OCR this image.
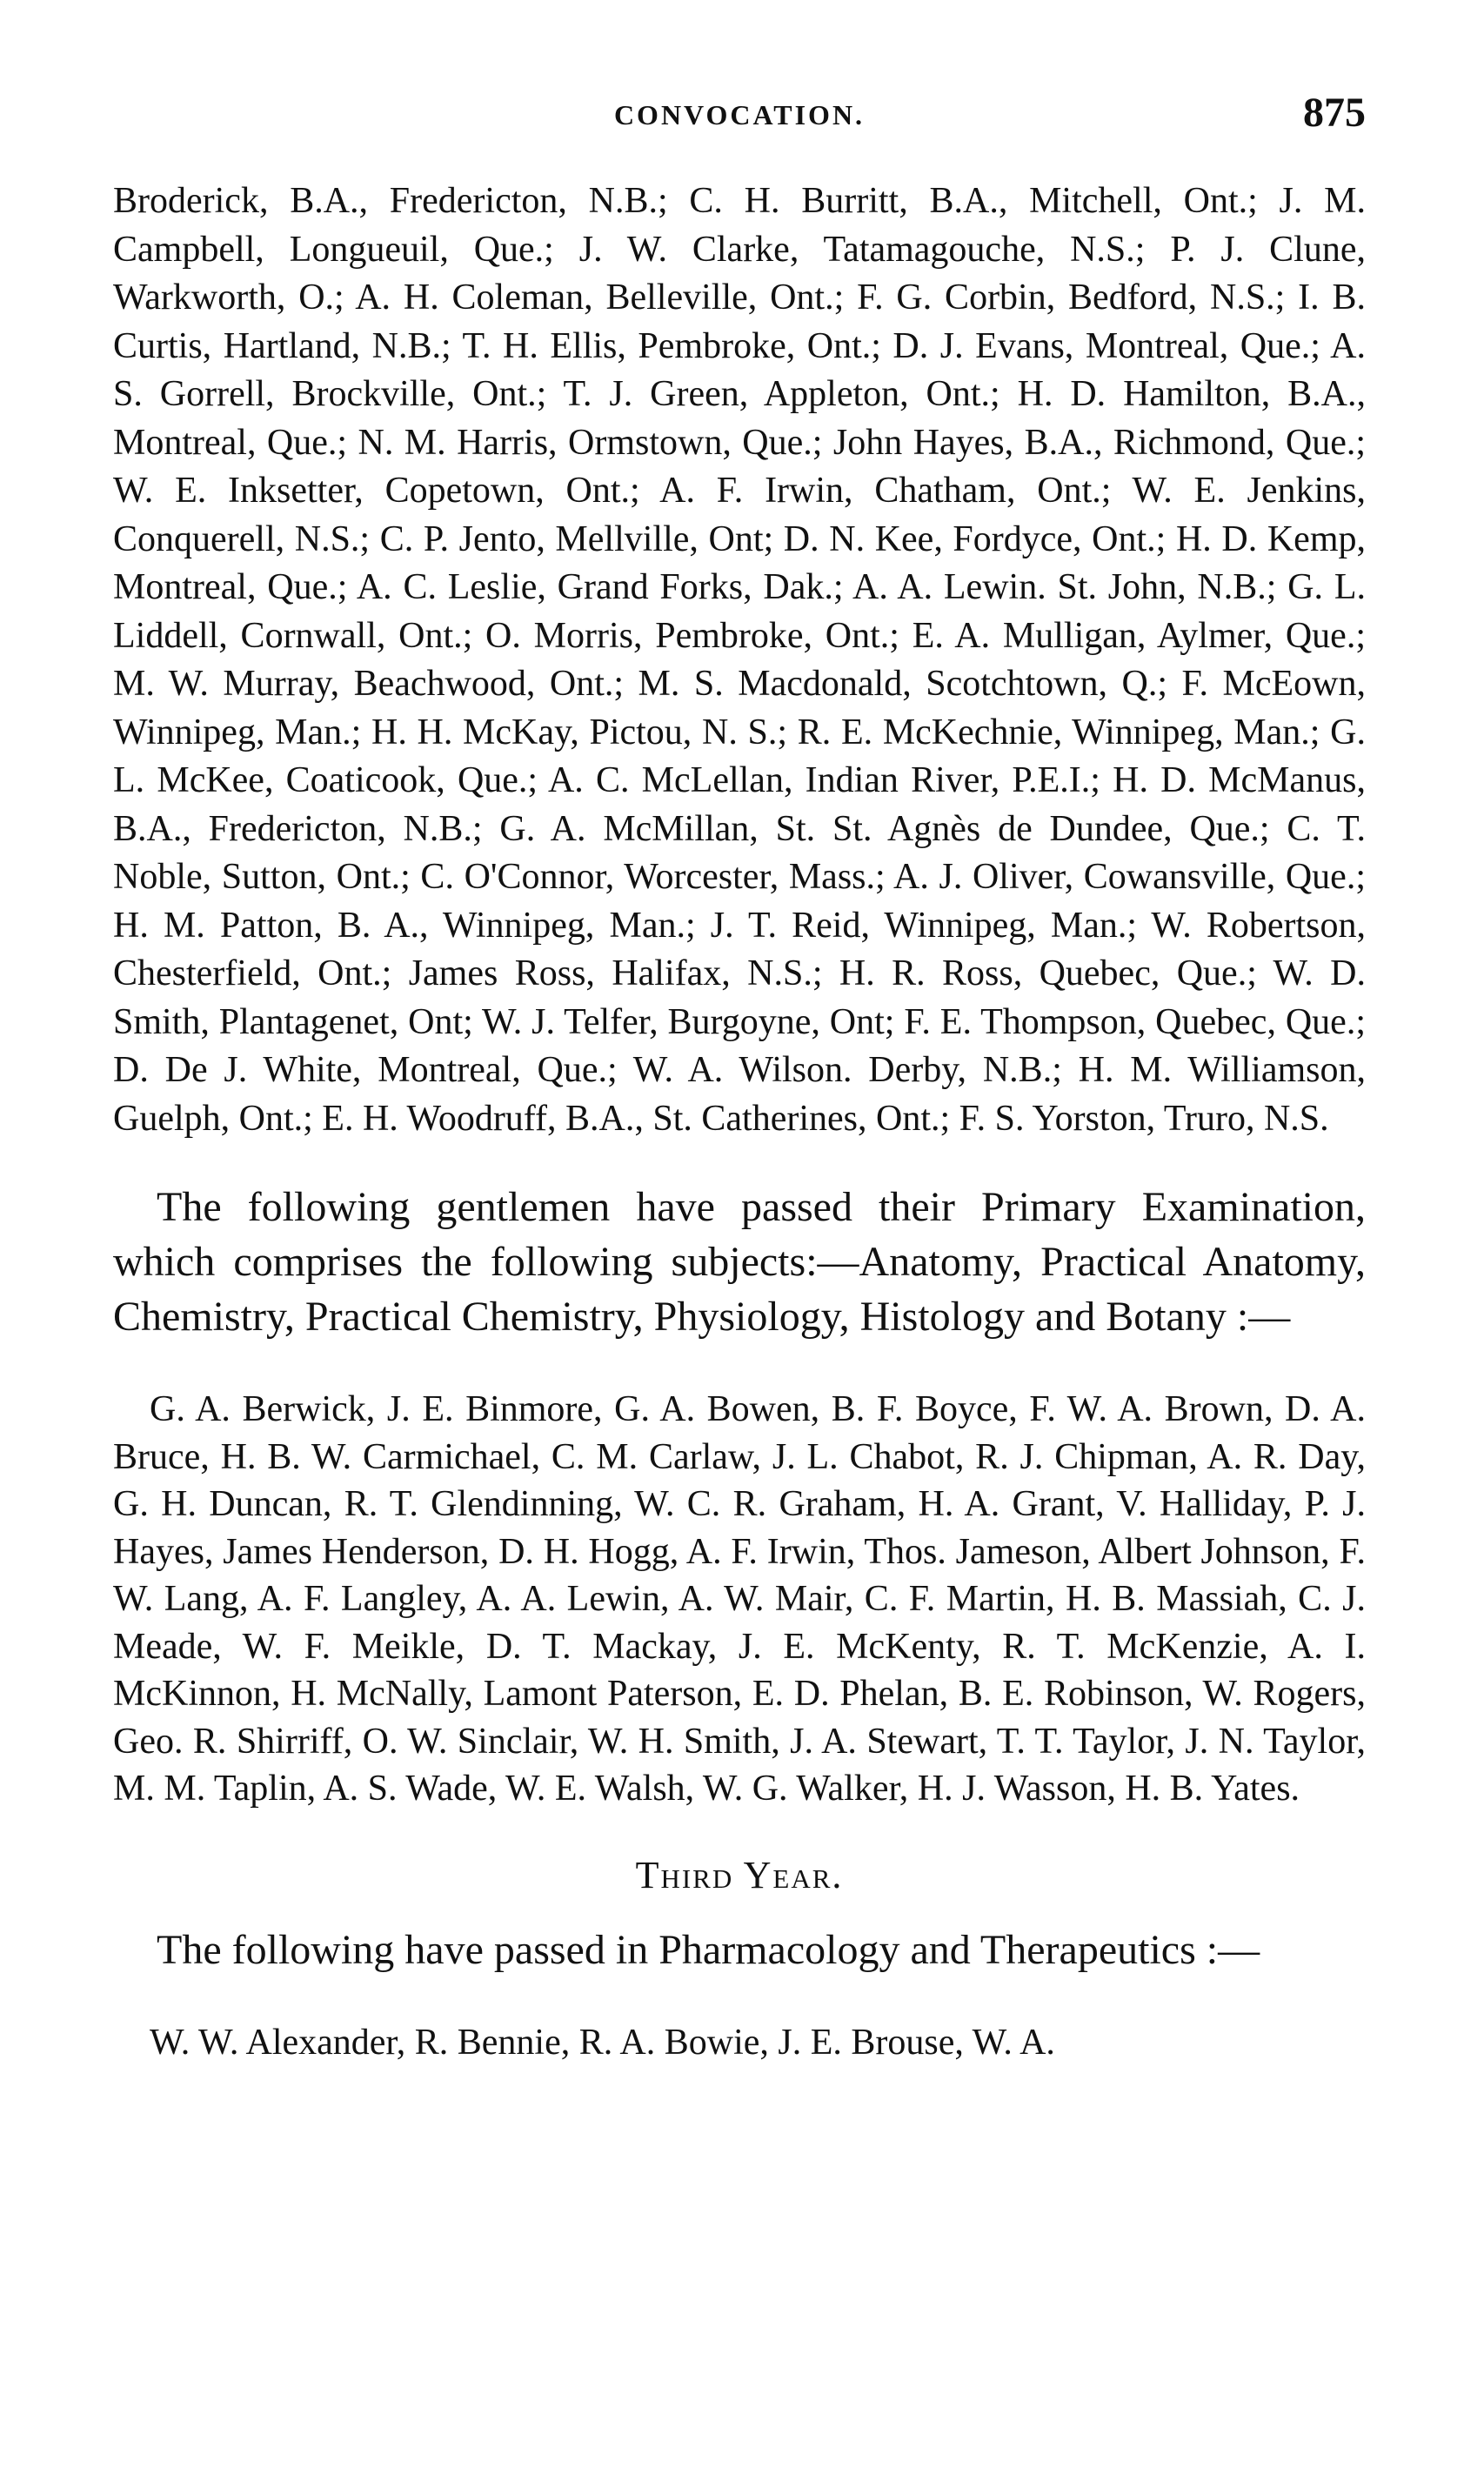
CONVOCATION.	875

Broderick, B.A., Fredericton, N.B.; C. H. Burritt, B.A., Mitchell, Ont.; J. M. Campbell, Longueuil, Que.; J. W. Clarke, Tatamagouche, N.S.; P. J. Clune, Warkworth, O.; A. H. Coleman, Belleville, Ont.; F. G. Corbin, Bedford, N.S.; I. B. Curtis, Hartland, N.B.; T. H. Ellis, Pembroke, Ont.; D. J. Evans, Montreal, Que.; A. S. Gorrell, Brockville, Ont.; T. J. Green, Appleton, Ont.; H. D. Hamilton, B.A., Montreal, Que.; N. M. Harris, Ormstown, Que.; John Hayes, B.A., Richmond, Que.; W. E. Inksetter, Copetown, Ont.; A. F. Irwin, Chatham, Ont.; W. E. Jenkins, Conquerell, N.S.; C. P. Jento, Mellville, Ont; D. N. Kee, Fordyce, Ont.; H. D. Kemp, Montreal, Que.; A. C. Leslie, Grand Forks, Dak.; A. A. Lewin. St. John, N.B.; G. L. Liddell, Cornwall, Ont.; O. Morris, Pembroke, Ont.; E. A. Mulligan, Aylmer, Que.; M. W. Murray, Beachwood, Ont.; M. S. Macdonald, Scotchtown, Q.; F. McEown, Winnipeg, Man.; H. H. McKay, Pictou, N. S.; R. E. McKechnie, Winnipeg, Man.; G. L. McKee, Coaticook, Que.; A. C. McLellan, Indian River, P.E.I.; H. D. McManus, B.A., Fredericton, N.B.; G. A. McMillan, St. St. Agnès de Dundee, Que.; C. T. Noble, Sutton, Ont.; C. O'Connor, Worcester, Mass.; A. J. Oliver, Cowansville, Que.; H. M. Patton, B. A., Winnipeg, Man.; J. T. Reid, Winnipeg, Man.; W. Robertson, Chesterfield, Ont.; James Ross, Halifax, N.S.; H. R. Ross, Quebec, Que.; W. D. Smith, Plantagenet, Ont; W. J. Telfer, Burgoyne, Ont; F. E. Thompson, Quebec, Que.; D. De J. White, Montreal, Que.; W. A. Wilson. Derby, N.B.; H. M. Williamson, Guelph, Ont.; E. H. Woodruff, B.A., St. Catherines, Ont.; F. S. Yorston, Truro, N.S.

The following gentlemen have passed their Primary Examination, which comprises the following subjects:—Anatomy, Practical Anatomy, Chemistry, Practical Chemistry, Physiology, Histology and Botany :—

G. A. Berwick, J. E. Binmore, G. A. Bowen, B. F. Boyce, F. W. A. Brown, D. A. Bruce, H. B. W. Carmichael, C. M. Carlaw, J. L. Chabot, R. J. Chipman, A. R. Day, G. H. Duncan, R. T. Glendinning, W. C. R. Graham, H. A. Grant, V. Halliday, P. J. Hayes, James Henderson, D. H. Hogg, A. F. Irwin, Thos. Jameson, Albert Johnson, F. W. Lang, A. F. Langley, A. A. Lewin, A. W. Mair, C. F. Martin, H. B. Massiah, C. J. Meade, W. F. Meikle, D. T. Mackay, J. E. McKenty, R. T. McKenzie, A. I. McKinnon, H. McNally, Lamont Paterson, E. D. Phelan, B. E. Robinson, W. Rogers, Geo. R. Shirriff, O. W. Sinclair, W. H. Smith, J. A. Stewart, T. T. Taylor, J. N. Taylor, M. M. Taplin, A. S. Wade, W. E. Walsh, W. G. Walker, H. J. Wasson, H. B. Yates.

Third Year.

The following have passed in Pharmacology and Therapeutics :—

W. W. Alexander, R. Bennie, R. A. Bowie, J. E. Brouse, W. A.
